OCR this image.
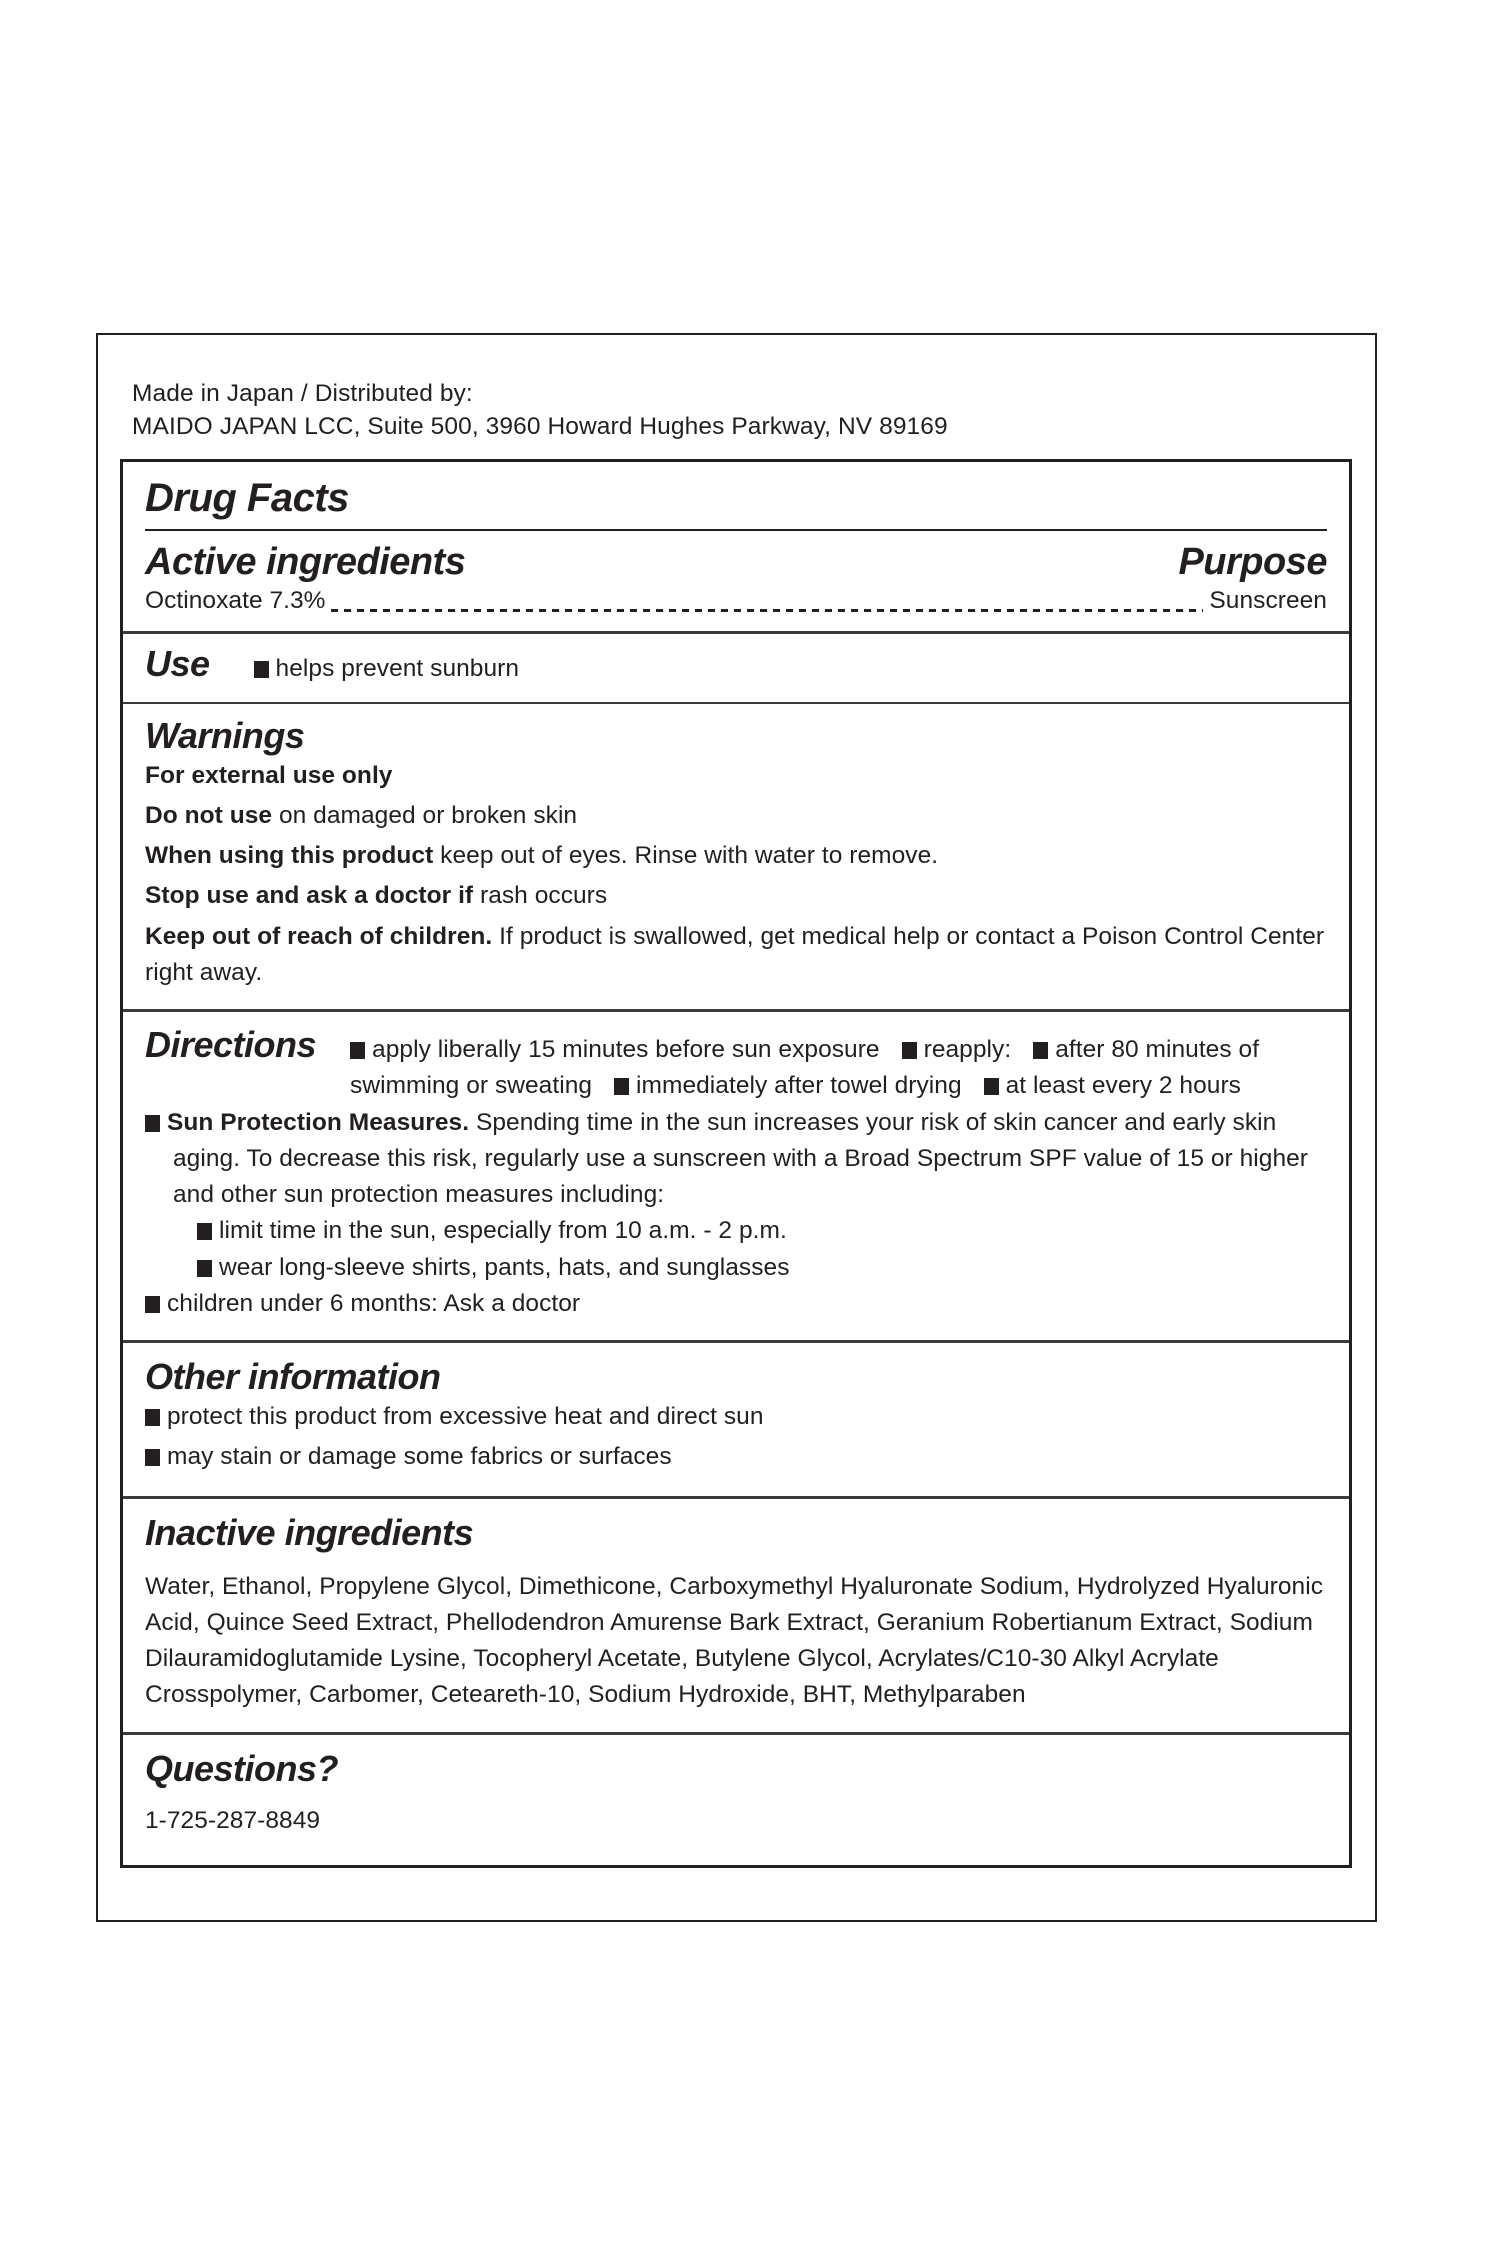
Made in Japan / Distributed by:
MAIDO JAPAN LCC, Suite 500, 3960 Howard Hughes Parkway, NV 89169
Drug Facts
Active ingredients	Purpose
Octinoxate 7.3%	Sunscreen
Use	helps prevent sunburn
Warnings
For external use only
Do not use on damaged or broken skin
When using this product keep out of eyes. Rinse with water to remove.
Stop use and ask a doctor if rash occurs
Keep out of reach of children. If product is swallowed, get medical help or contact a Poison Control Center right away.
Directions	apply liberally 15 minutes before sun exposure reapply: after 80 minutes of swimming or sweating immediately after towel drying at least every 2 hours
Sun Protection Measures. Spending time in the sun increases your risk of skin cancer and early skin aging. To decrease this risk, regularly use a sunscreen with a Broad Spectrum SPF value of 15 or higher and other sun protection measures including:
limit time in the sun, especially from 10 a.m. - 2 p.m.
wear long-sleeve shirts, pants, hats, and sunglasses
children under 6 months: Ask a doctor
Other information
protect this product from excessive heat and direct sun
may stain or damage some fabrics or surfaces
Inactive ingredients
Water, Ethanol, Propylene Glycol, Dimethicone, Carboxymethyl Hyaluronate Sodium, Hydrolyzed Hyaluronic Acid, Quince Seed Extract, Phellodendron Amurense Bark Extract, Geranium Robertianum Extract, Sodium Dilauramidoglutamide Lysine, Tocopheryl Acetate, Butylene Glycol, Acrylates/C10-30 Alkyl Acrylate Crosspolymer, Carbomer, Ceteareth-10, Sodium Hydroxide, BHT, Methylparaben
Questions?
1-725-287-8849
